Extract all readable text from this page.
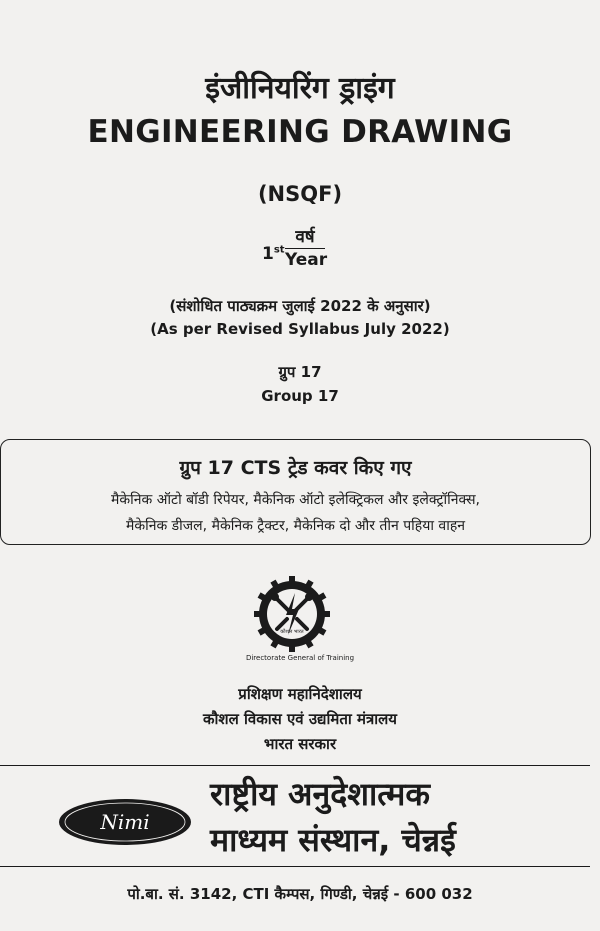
इंजीनियरिंग ड्राइंग
ENGINEERING DRAWING
(NSQF)
1st
वर्ष
Year
(संशोधित पाठ्यक्रम जुलाई 2022 के अनुसार)
(As per Revised Syllabus July 2022)
ग्रुप 17
Group 17
ग्रुप 17 CTS ट्रेड कवर किए गए
मैकेनिक ऑटो बॉडी रिपेयर, मैकेनिक ऑटो इलेक्ट्रिकल और इलेक्ट्रॉनिक्स,
मैकेनिक डीजल, मैकेनिक ट्रैक्टर, मैकेनिक दो और तीन पहिया वाहन
कौशल भारत
Directorate General of Training
प्रशिक्षण महानिदेशालय
कौशल विकास एवं उद्यमिता मंत्रालय
भारत सरकार
Nimi
राष्ट्रीय अनुदेशात्मक
माध्यम संस्थान, चेन्नई
पो.बा. सं. 3142, CTI कैम्पस, गिण्डी, चेन्नई - 600 032
